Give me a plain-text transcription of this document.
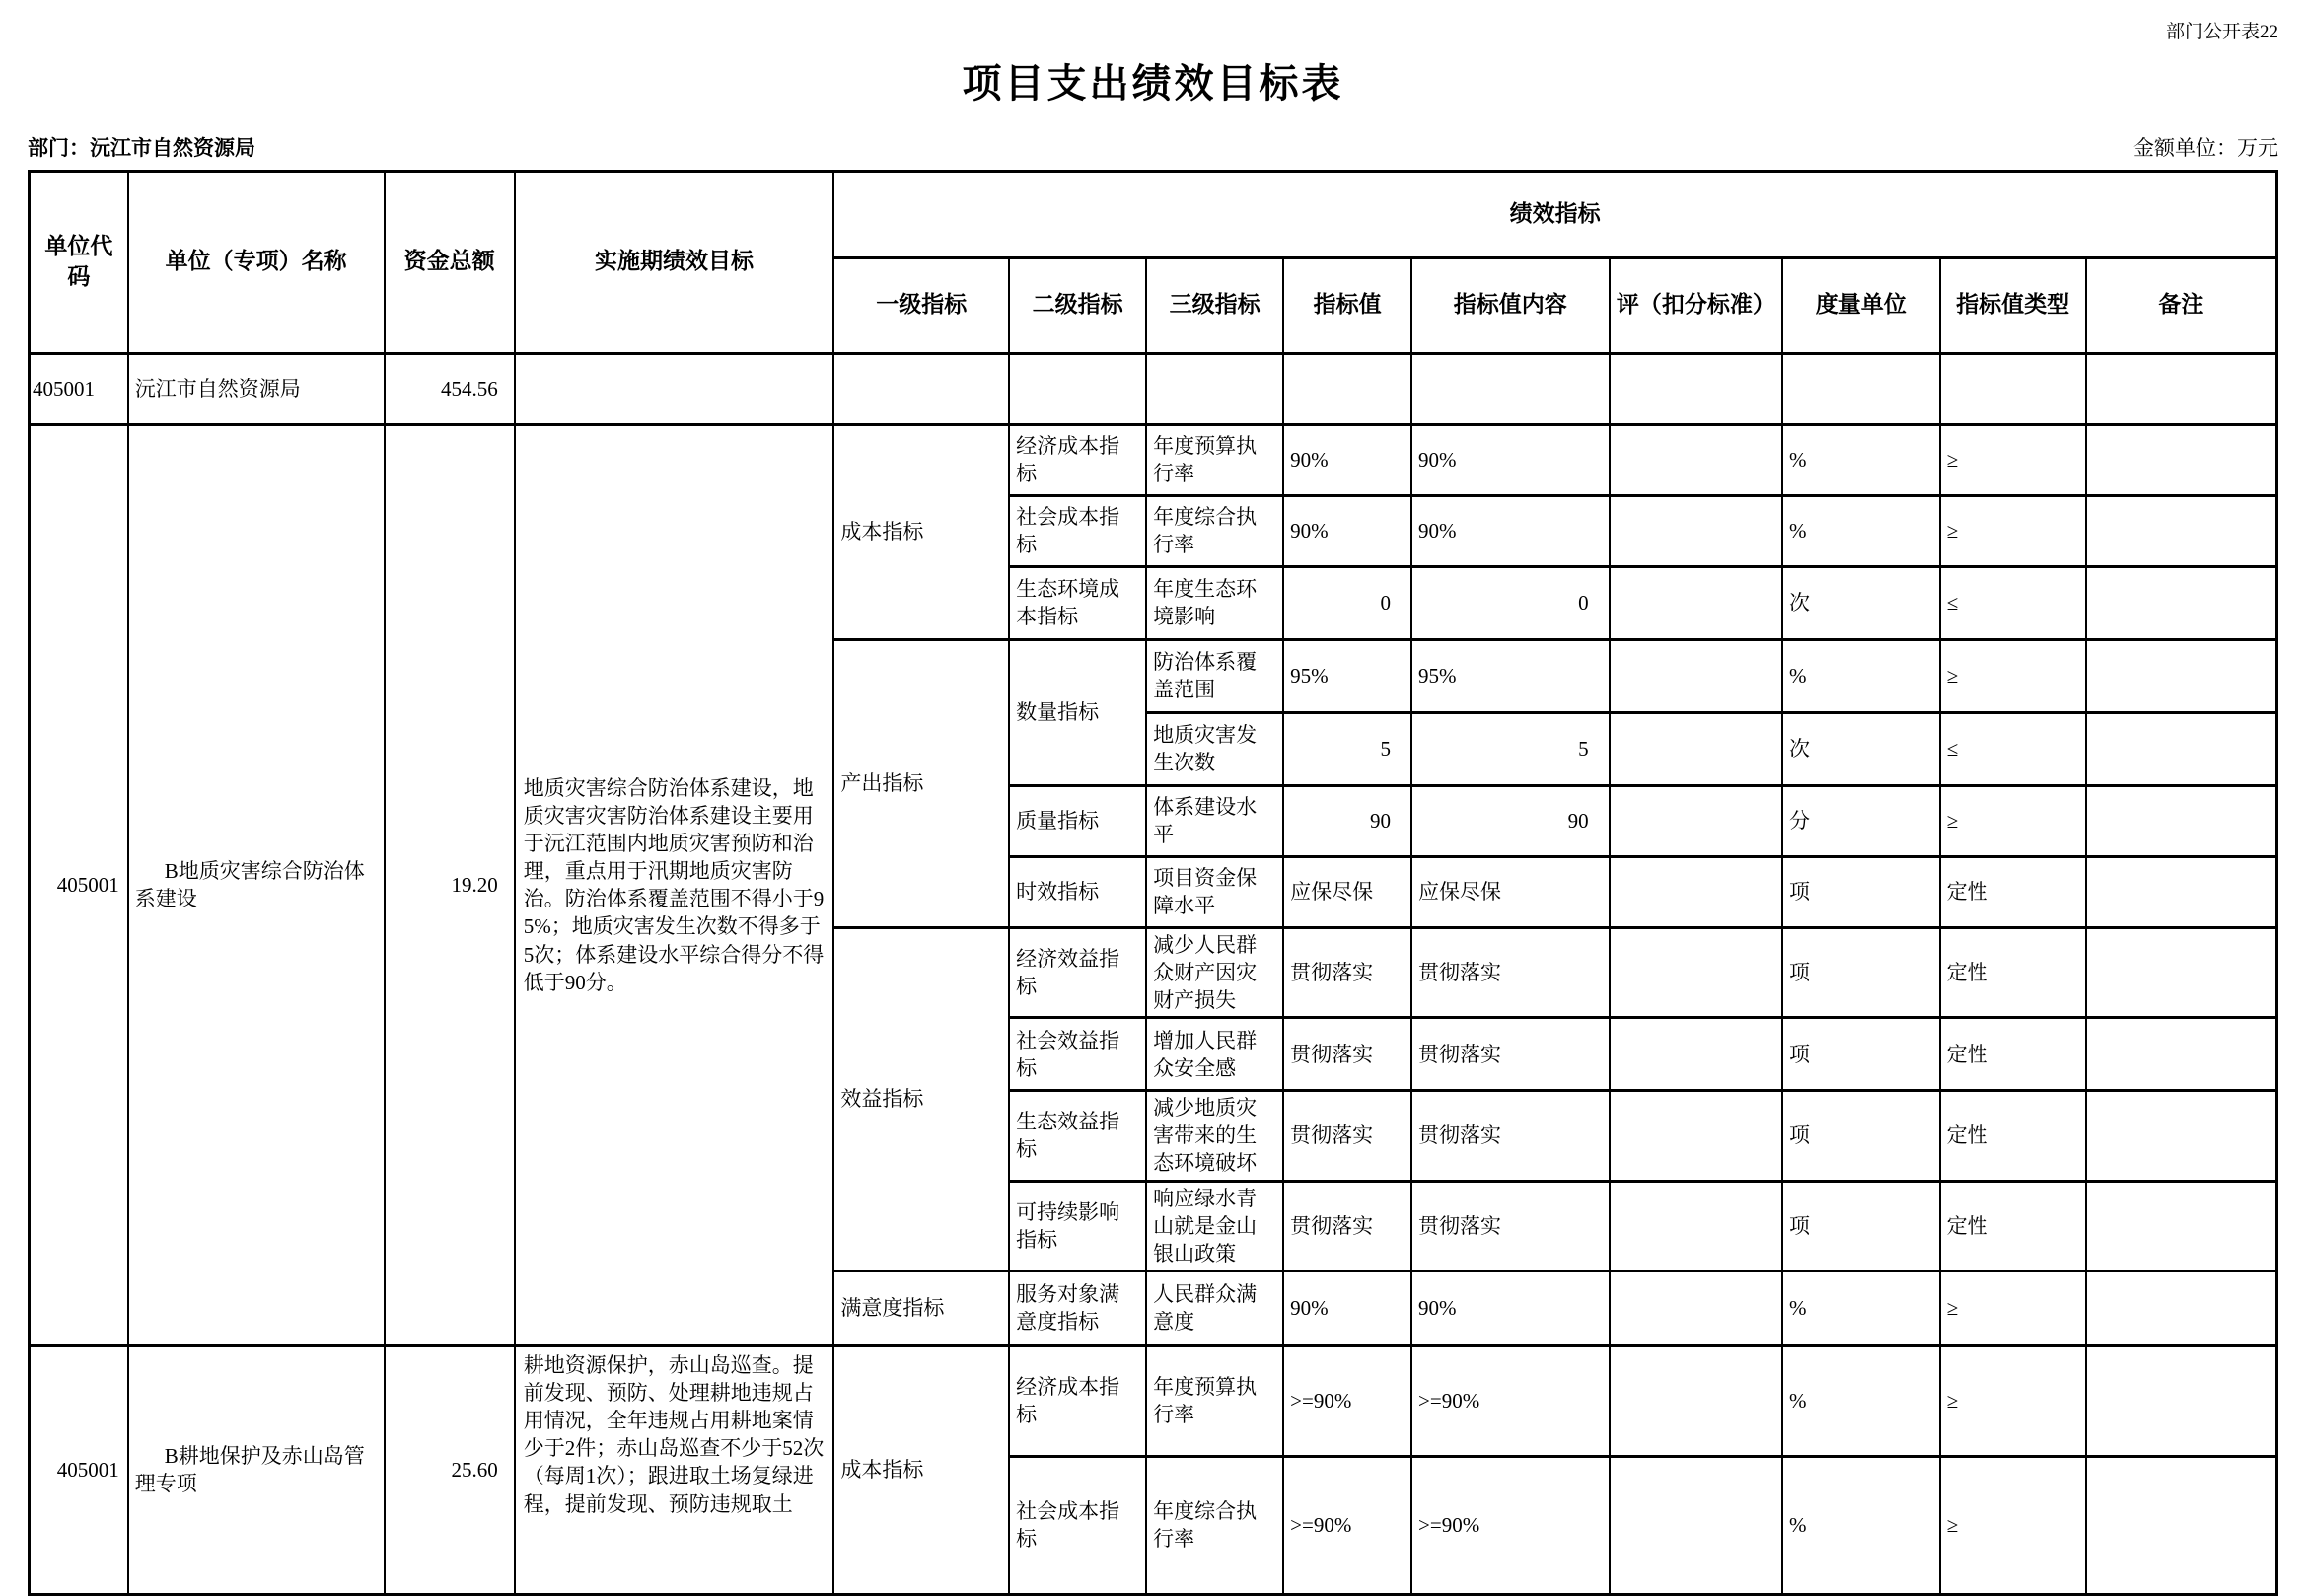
部门公开表22
项目支出绩效目标表
部门：沅江市自然资源局	金额单位：万元
单位代码	单位（专项）名称	资金总额	实施期绩效目标	绩效指标								
				一级指标	二级指标	三级指标	指标值	指标值内容	评（扣分标准）	度量单位	指标值类型	备注
405001	沅江市自然资源局	454.56										
405001	B地质灾害综合防治体系建设	19.20	地质灾害综合防治体系建设，地质灾害灾害防治体系建设主要用于沅江范围内地质灾害预防和治理，重点用于汛期地质灾害防治。防治体系覆盖范围不得小于95%；地质灾害发生次数不得多于5次；体系建设水平综合得分不得低于90分。	成本指标	经济成本指标	年度预算执行率	90%	90%		%	≥	
					社会成本指标	年度综合执行率	90%	90%		%	≥	
					生态环境成本指标	年度生态环境影响	0	0		次	≤	
				产出指标	数量指标	防治体系覆盖范围	95%	95%		%	≥	
						地质灾害发生次数	5	5		次	≤	
					质量指标	体系建设水平	90	90		分	≥	
					时效指标	项目资金保障水平	应保尽保	应保尽保		项	定性	
				效益指标	经济效益指标	减少人民群众财产因灾财产损失	贯彻落实	贯彻落实		项	定性	
					社会效益指标	增加人民群众安全感	贯彻落实	贯彻落实		项	定性	
					生态效益指标	减少地质灾害带来的生态环境破坏	贯彻落实	贯彻落实		项	定性	
					可持续影响指标	响应绿水青山就是金山银山政策	贯彻落实	贯彻落实		项	定性	
				满意度指标	服务对象满意度指标	人民群众满意度	90%	90%		%	≥	
405001	B耕地保护及赤山岛管理专项	25.60	耕地资源保护，赤山岛巡查。提前发现、预防、处理耕地违规占用情况，全年违规占用耕地案情少于2件；赤山岛巡查不少于52次（每周1次）；跟进取土场复绿进程，提前发现、预防违规取土	成本指标	经济成本指标	年度预算执行率	>=90%	>=90%		%	≥	
					社会成本指标	年度综合执行率	>=90%	>=90%		%	≥	
